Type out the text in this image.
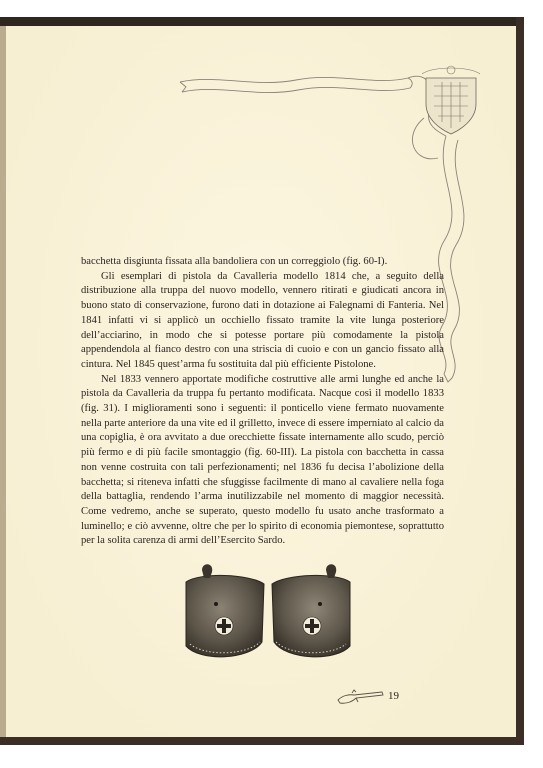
bacchetta disgiunta fissata alla bandoliera con un correggiolo (fig. 60-I).

Gli esemplari di pistola da Cavalleria modello 1814 che, a seguito della distribuzione alla truppa del nuovo modello, vennero ritirati e giudicati ancora in buono stato di conservazione, furono dati in dotazione ai Falegnami di Fanteria. Nel 1841 infatti vi si applicò un occhiello fissato tramite la vite lunga posteriore dell’acciarino, in modo che si potesse portare più comodamente la pistola appendendola al fianco destro con una striscia di cuoio e con un gancio fissato alla cintura. Nel 1845 quest’arma fu sostituita dal più efficiente Pistolone.

Nel 1833 vennero apportate modifiche costruttive alle armi lunghe ed anche la pistola da Cavalleria da truppa fu pertanto modificata. Nacque così il modello 1833 (fig. 31). I miglioramenti sono i seguenti: il ponticello viene fermato nuovamente nella parte anteriore da una vite ed il grilletto, invece di essere imperniato al calcio da una copiglia, è ora avvitato a due orecchiette fissate internamente allo scudo, perciò più fermo e di più facile smontaggio (fig. 60-III). La pistola con bacchetta in cassa non venne costruita con tali perfezionamenti; nel 1836 fu decisa l’abolizione della bacchetta; si riteneva infatti che sfuggisse facilmente di mano al cavaliere nella foga della battaglia, rendendo l’arma inutilizzabile nel momento di maggior necessità. Come vedremo, anche se superato, questo modello fu usato anche trasformato a luminello; e ciò avvenne, oltre che per lo spirito di economia piemontese, soprattutto per la solita carenza di armi dell’Esercito Sardo.

19
